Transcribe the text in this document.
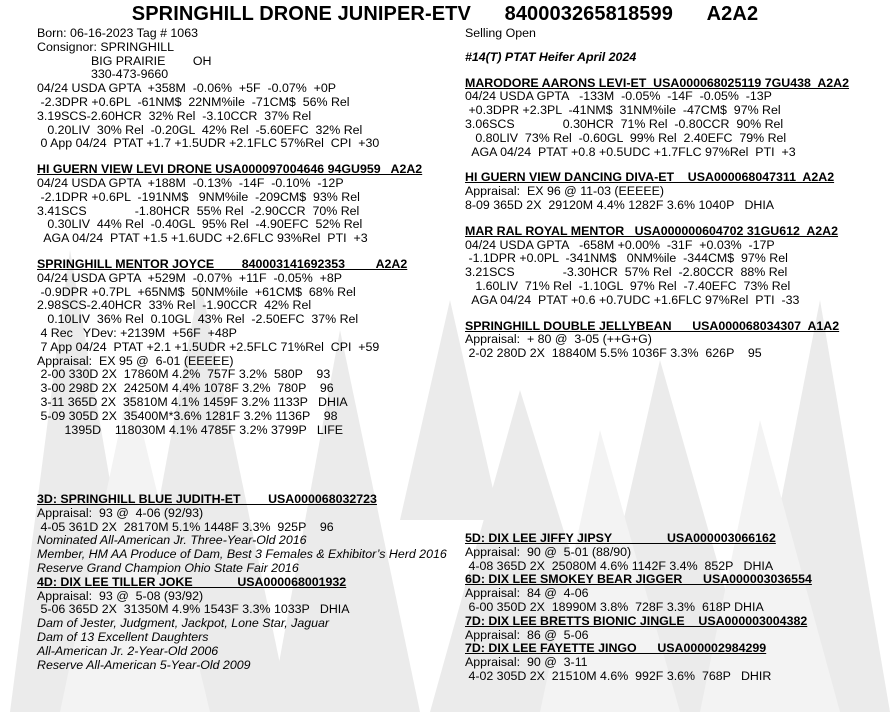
SPRINGHILL DRONE JUNIPER-ETV 840003265818599 A2A2
Born: 06-16-2023 Tag # 1063
Consignor: SPRINGHILL
BIG PRAIRIE        OH
330-473-9660
04/24 USDA GPTA  +358M  -0.06%  +5F  -0.07%  +0P
-2.3DPR +0.6PL  -61NM$  22NM%ile  -71CM$  56% Rel
3.19SCS-2.60HCR  32% Rel  -3.10CCR  37% Rel
0.20LIV  30% Rel  -0.20GL  42% Rel  -5.60EFC  32% Rel
0 App 04/24  PTAT +1.7 +1.5UDR +2.1FLC 57%Rel  CPI  +30
HI GUERN VIEW LEVI DRONE USA000097004646 94GU959   A2A2
04/24 USDA GPTA  +188M  -0.13%  -14F  -0.10%  -12P
-2.1DPR +0.6PL  -191NM$   9NM%ile  -209CM$  93% Rel
3.41SCS              -1.80HCR  55% Rel  -2.90CCR  70% Rel
0.30LIV  44% Rel  -0.40GL  95% Rel  -4.90EFC  52% Rel
AGA 04/24  PTAT +1.5 +1.6UDC +2.6FLC 93%Rel  PTI  +3
SPRINGHILL MENTOR JOYCE        840003141692353         A2A2
04/24 USDA GPTA  +529M  -0.07%  +11F  -0.05%  +8P
-0.9DPR +0.7PL  +65NM$  50NM%ile  +61CM$  68% Rel
2.98SCS-2.40HCR  33% Rel  -1.90CCR  42% Rel
0.10LIV  36% Rel  0.10GL  43% Rel  -2.50EFC  37% Rel
4 Rec   YDev: +2139M  +56F  +48P
7 App 04/24  PTAT +2.1 +1.5UDR +2.5FLC 71%Rel  CPI  +59
Appraisal:  EX 95 @  6-01 (EEEEE)
2-00 330D 2X  17860M 4.2%  757F 3.2%  580P    93
3-00 298D 2X  24250M 4.4% 1078F 3.2%  780P    96
3-11 365D 2X  35810M 4.1% 1459F 3.2% 1133P   DHIA
5-09 305D 2X  35400M*3.6% 1281F 3.2% 1136P    98
1395D    118030M 4.1% 4785F 3.2% 3799P   LIFE
3D: SPRINGHILL BLUE JUDITH-ET        USA000068032723
Appraisal:  93 @  4-06 (92/93)
4-05 361D 2X  28170M 5.1% 1448F 3.3%  925P    96
Nominated All-American Jr. Three-Year-Old 2016
Member, HM AA Produce of Dam, Best 3 Females & Exhibitor’s Herd 2016
Reserve Grand Champion Ohio State Fair 2016
4D: DIX LEE TILLER JOKE             USA000068001932
Appraisal:  93 @  5-08 (93/92)
5-06 365D 2X  31350M 4.9% 1543F 3.3% 1033P   DHIA
Dam of Jester, Judgment, Jackpot, Lone Star, Jaguar
Dam of 13 Excellent Daughters
All-American Jr. 2-Year-Old 2006
Reserve All-American 5-Year-Old 2009
Selling Open
#14(T) PTAT Heifer April 2024
MARODORE AARONS LEVI-ET  USA000068025119 7GU438  A2A2
04/24 USDA GPTA   -133M  -0.05%  -14F  -0.05%  -13P
+0.3DPR +2.3PL  -41NM$  31NM%ile  -47CM$  97% Rel
3.06SCS              0.30HCR  71% Rel  -0.80CCR  90% Rel
0.80LIV  73% Rel  -0.60GL  99% Rel  2.40EFC  79% Rel
AGA 04/24  PTAT +0.8 +0.5UDC +1.7FLC 97%Rel  PTI  +3
HI GUERN VIEW DANCING DIVA-ET    USA000068047311  A2A2
Appraisal:  EX 96 @ 11-03 (EEEEE)
8-09 365D 2X  29120M 4.4% 1282F 3.6% 1040P   DHIA
MAR RAL ROYAL MENTOR   USA000000604702 31GU612  A2A2
04/24 USDA GPTA   -658M +0.00%  -31F  +0.03%  -17P
-1.1DPR +0.0PL  -341NM$   0NM%ile  -344CM$  97% Rel
3.21SCS              -3.30HCR  57% Rel  -2.80CCR  88% Rel
1.60LIV  71% Rel  -1.10GL  97% Rel  -7.40EFC  73% Rel
AGA 04/24  PTAT +0.6 +0.7UDC +1.6FLC 97%Rel  PTI  -33
SPRINGHILL DOUBLE JELLYBEAN      USA000068034307  A1A2
Appraisal:  + 80 @  3-05 (++G+G)
2-02 280D 2X  18840M 5.5% 1036F 3.3%  626P    95
5D: DIX LEE JIFFY JIPSY                USA000003066162
Appraisal:  90 @  5-01 (88/90)
4-08 365D 2X  25080M 4.6% 1142F 3.4%  852P   DHIA
6D: DIX LEE SMOKEY BEAR JIGGER      USA000003036554
Appraisal:  84 @  4-06
6-00 350D 2X  18990M 3.8%  728F 3.3%  618P DHIA
7D: DIX LEE BRETTS BIONIC JINGLE    USA000003004382
Appraisal:  86 @  5-06
7D: DIX LEE FAYETTE JINGO      USA000002984299
Appraisal:  90 @  3-11
4-02 305D 2X  21510M 4.6%  992F 3.6%  768P   DHIR
